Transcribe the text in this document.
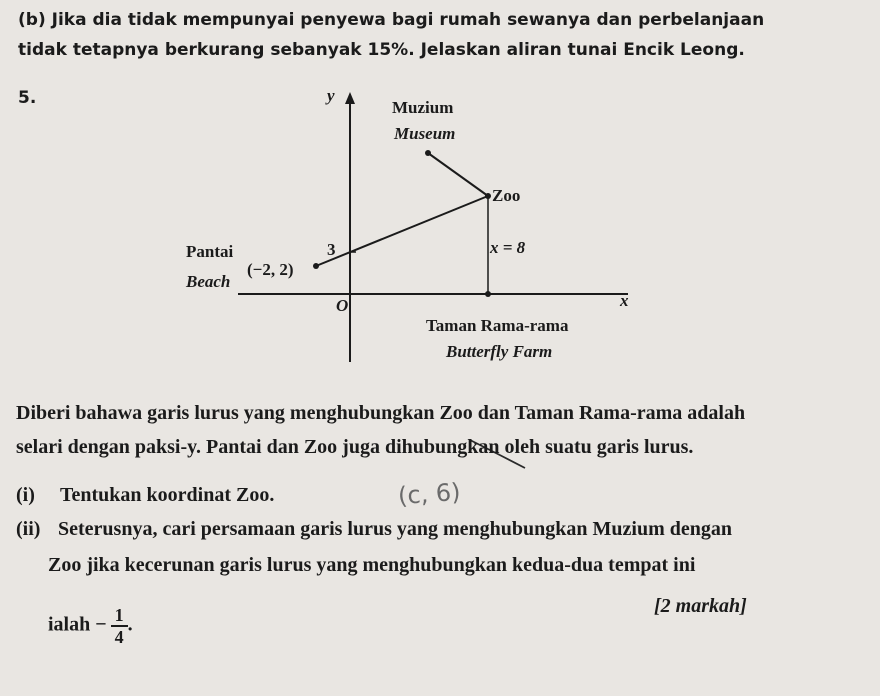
(b) Jika dia tidak mempunyai penyewa bagi rumah sewanya dan perbelanjaan
tidak tetapnya berkurang sebanyak 15%. Jelaskan aliran tunai Encik Leong.
5.	y
x
O
Muzium
Museum
Zoo
Pantai
Beach
(−2, 2)
3	x = 8
Taman Rama-rama
Butterfly Farm
Diberi bahawa garis lurus yang menghubungkan Zoo dan Taman Rama-rama adalah
selari dengan paksi-y. Pantai dan Zoo juga dihubungkan oleh suatu garis lurus.
(i) Tentukan koordinat Zoo.	(c, 6)
(ii) Seterusnya, cari persamaan garis lurus yang menghubungkan Muzium dengan
Zoo jika kecerunan garis lurus yang menghubungkan kedua-dua tempat ini
ialah − $\frac{1}{4}$ .
[2 markah]
